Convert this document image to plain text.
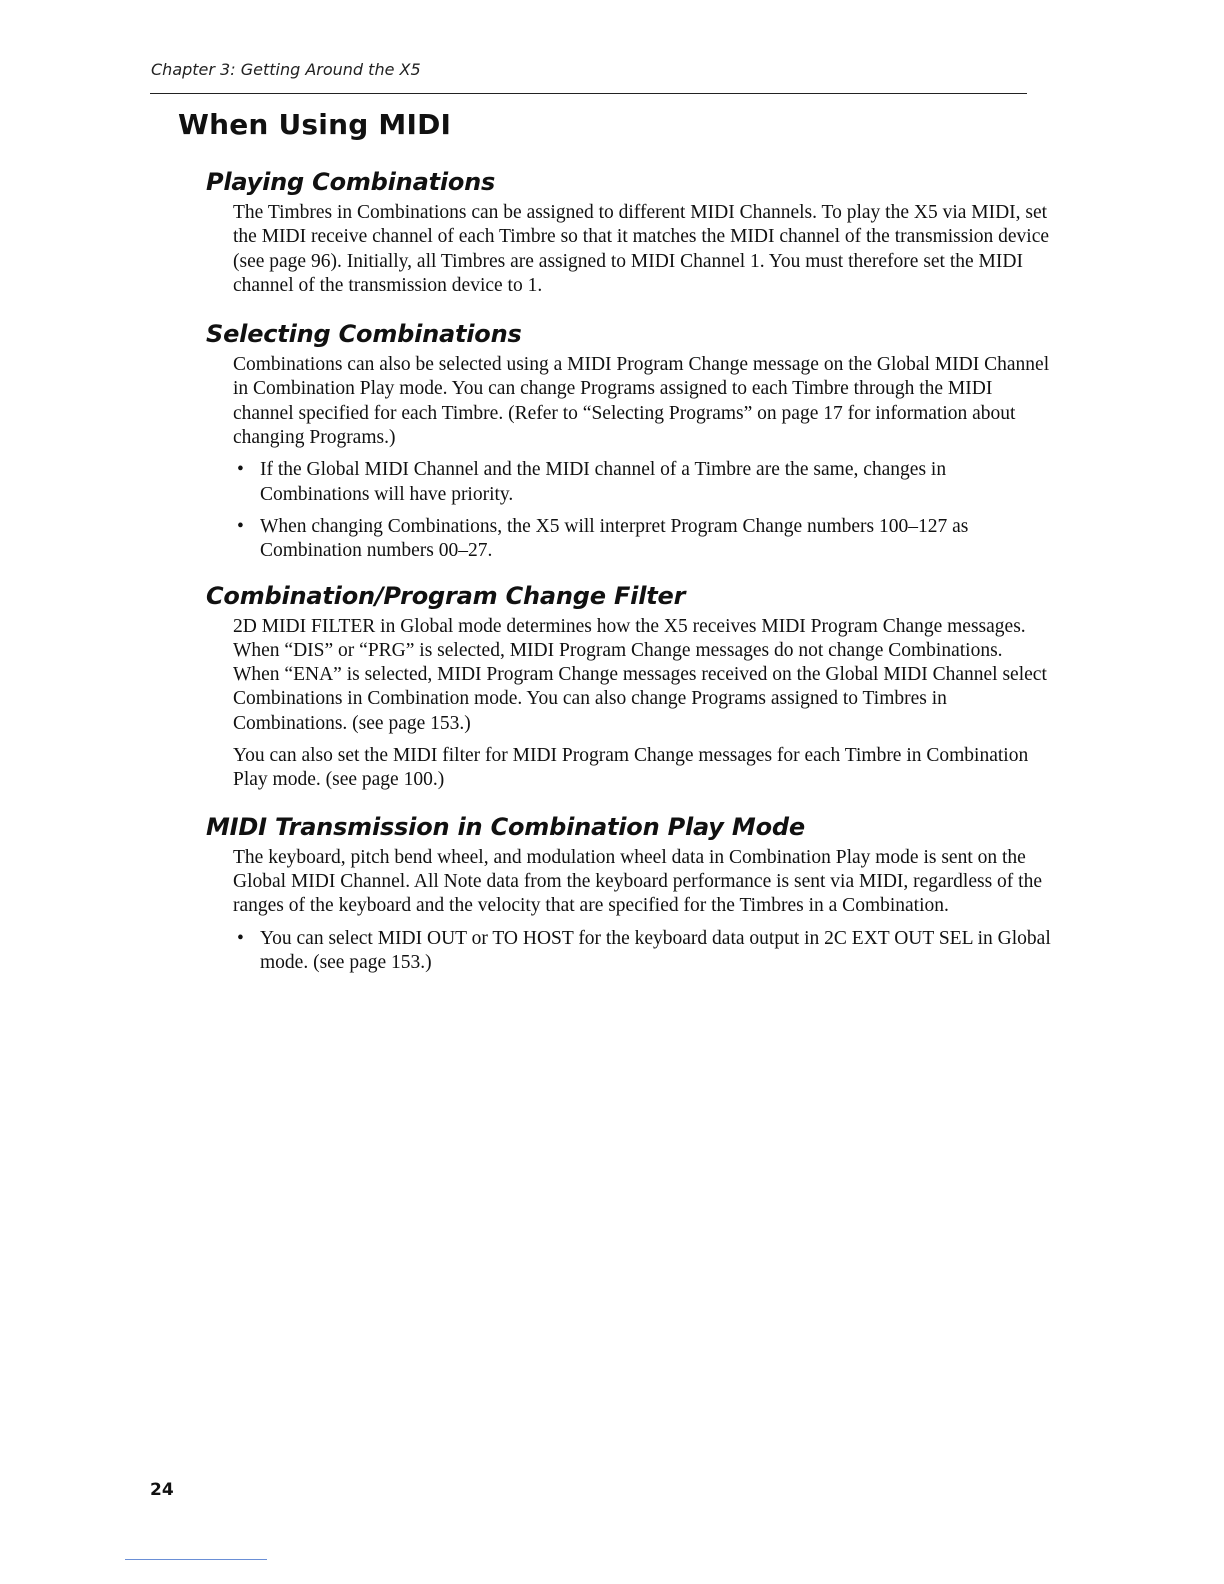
Chapter 3: Getting Around the X5
When Using MIDI
Playing Combinations

The Timbres in Combinations can be assigned to different MIDI Channels. To play the X5 via MIDI, set the MIDI receive channel of each Timbre so that it matches the MIDI channel of the transmission device (see page 96). Initially, all Timbres are assigned to MIDI Channel 1. You must therefore set the MIDI channel of the transmission device to 1.

Selecting Combinations

Combinations can also be selected using a MIDI Program Change message on the Global MIDI Channel in Combination Play mode. You can change Programs assigned to each Timbre through the MIDI channel specified for each Timbre. (Refer to “Selecting Programs” on page 17 for information about changing Programs.)

• If the Global MIDI Channel and the MIDI channel of a Timbre are the same, changes in Combinations will have priority.
• When changing Combinations, the X5 will interpret Program Change numbers 100–127 as Combination numbers 00–27.
Combination/Program Change Filter

2D MIDI FILTER in Global mode determines how the X5 receives MIDI Program Change messages. When “DIS” or “PRG” is selected, MIDI Program Change messages do not change Combinations. When “ENA” is selected, MIDI Program Change messages received on the Global MIDI Channel select Combinations in Combination mode. You can also change Programs assigned to Timbres in Combinations. (see page 153.)

You can also set the MIDI filter for MIDI Program Change messages for each Timbre in Combination Play mode. (see page 100.)

MIDI Transmission in Combination Play Mode

The keyboard, pitch bend wheel, and modulation wheel data in Combination Play mode is sent on the Global MIDI Channel. All Note data from the keyboard performance is sent via MIDI, regardless of the ranges of the keyboard and the velocity that are specified for the Timbres in a Combination.

• You can select MIDI OUT or TO HOST for the keyboard data output in 2C EXT OUT SEL in Global mode. (see page 153.)
24
